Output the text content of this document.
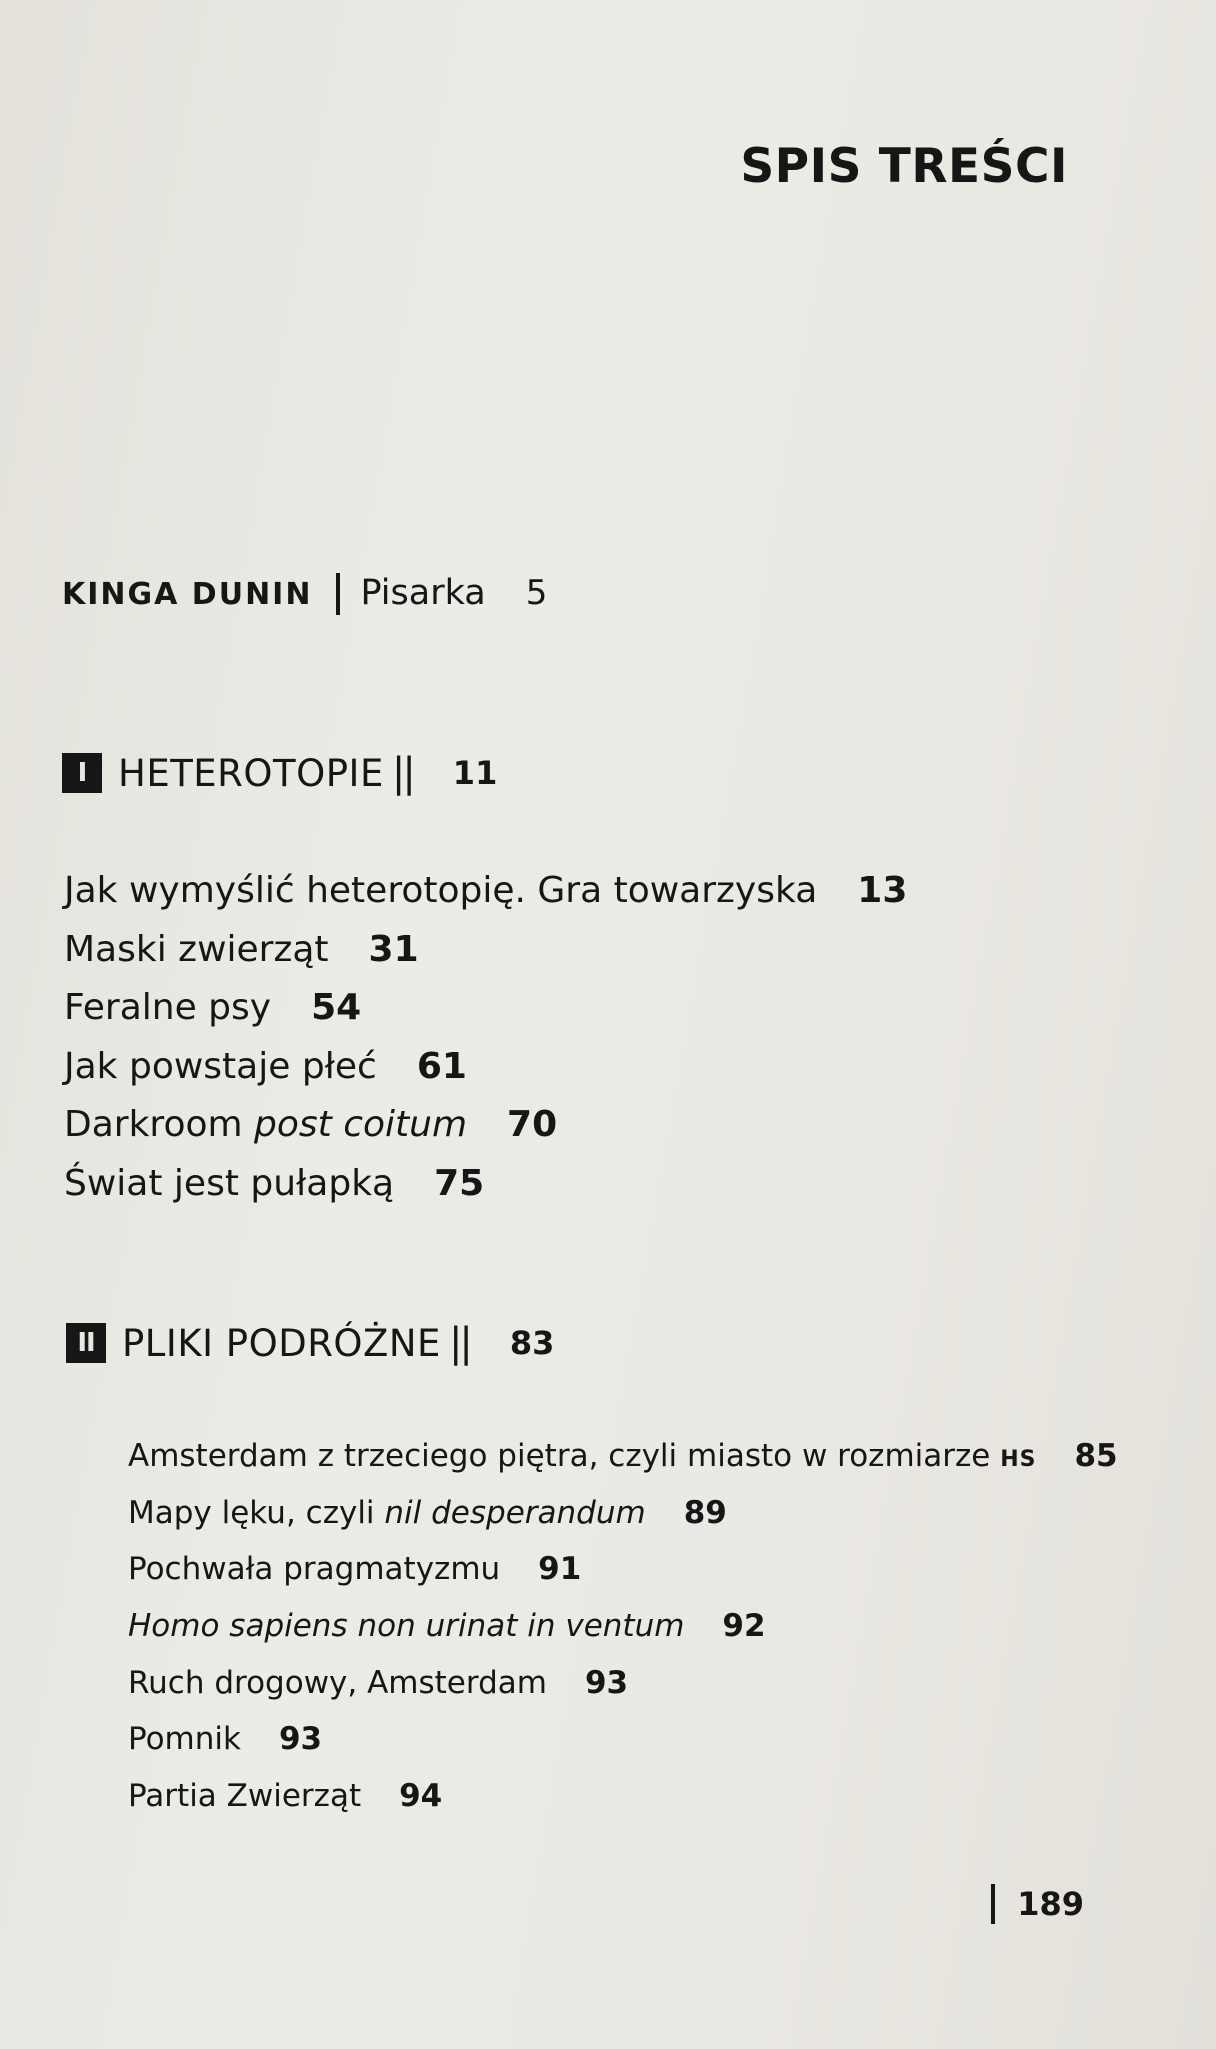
SPIS TREŚCI
KINGA DUNIN Pisarka 5
I HETEROTOPIE || 11
Jak wymyślić heterotopię. Gra towarzyska 13
Maski zwierząt 31
Feralne psy 54
Jak powstaje płeć 61
Darkroom post coitum 70
Świat jest pułapką 75
II PLIKI PODRÓŻNE || 83
Amsterdam z trzeciego piętra, czyli miasto w rozmiarze HS 85
Mapy lęku, czyli nil desperandum 89
Pochwała pragmatyzmu 91
Homo sapiens non urinat in ventum 92
Ruch drogowy, Amsterdam 93
Pomnik 93
Partia Zwierząt 94
189
